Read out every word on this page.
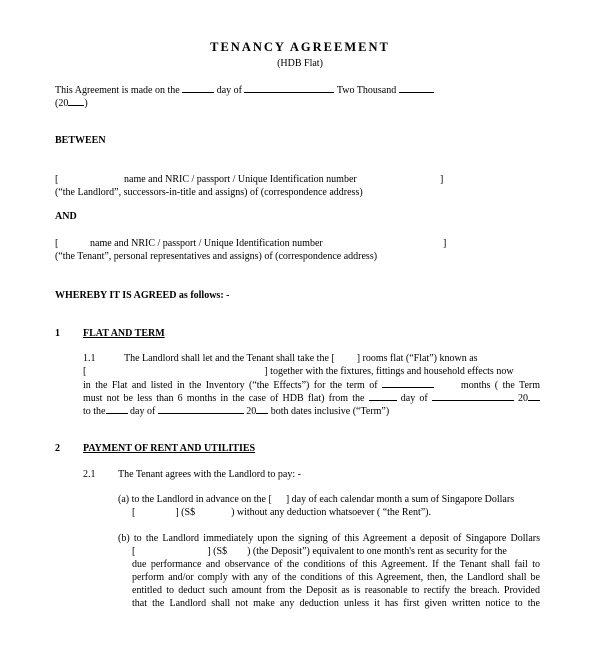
TENANCY AGREEMENT
(HDB Flat)
This Agreement is made on the	day of	Two Thousand
(20 )
BETWEEN
[	name and NRIC / passport / Unique Identification number	]
(“the Landlord”, successors-in-title and assigns) of (correspondence address)
AND
[	name and NRIC / passport / Unique Identification number	]
(“the Tenant”, personal representatives and assigns) of (correspondence address)
WHEREBY IT IS AGREED as follows: -
1 FLAT AND TERM
1.1	The Landlord shall let and the Tenant shall take the [ ] rooms flat (“Flat”) known as
[	] together with the fixtures, fittings and household effects now
in the Flat and listed in the Inventory (“the Effects”) for the term of	months ( the Term
must not be less than 6 months in the case of HDB flat) from the	day of	20
to the day of	20 both dates inclusive (“Term”)
2 PAYMENT OF RENT AND UTILITIES
2.1 The Tenant agrees with the Landlord to pay: -
(a) to the Landlord in advance on the [ ] day of each calendar month a sum of Singapore Dollars
[	] (S$	) without any deduction whatsoever ( “the Rent”).
(b) to the Landlord immediately upon the signing of this Agreement a deposit of Singapore Dollars
[	] (S$ ) (the Deposit”) equivalent to one month's rent as security for the
due performance and observance of the conditions of this Agreement. If the Tenant shall fail to
perform and/or comply with any of the conditions of this Agreement, then, the Landlord shall be
entitled to deduct such amount from the Deposit as is reasonable to rectify the breach. Provided
that the Landlord shall not make any deduction unless it has first given written notice to the
